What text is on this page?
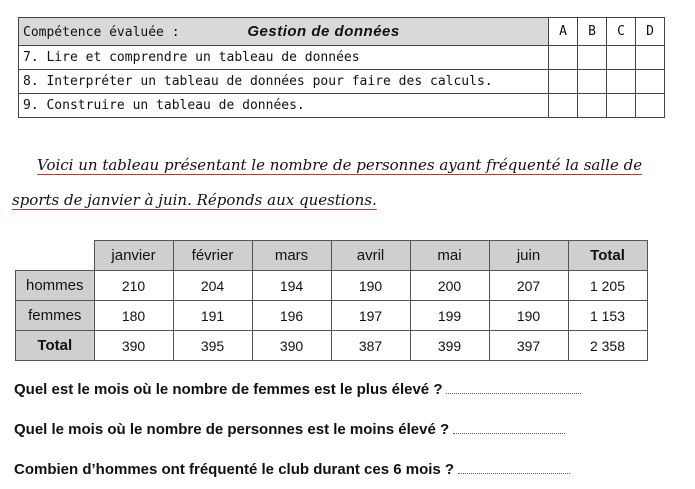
Compétence évaluée : Gestion de données	A	B	C	D
7. Lire et comprendre un tableau de données				
8. Interpréter un tableau de données pour faire des calculs.				
9. Construire un tableau de données.				
Voici un tableau présentant le nombre de personnes ayant fréquenté la salle de sports de janvier à juin. Réponds aux questions.
	janvier	février	mars	avril	mai	juin	Total
hommes	210	204	194	190	200	207	1 205
femmes	180	191	196	197	199	190	1 153
Total	390	395	390	387	399	397	2 358
Quel est le mois où le nombre de femmes est le plus élevé ?
Quel le mois où le nombre de personnes est le moins élevé ?
Combien d’hommes ont fréquenté le club durant ces 6 mois ?
